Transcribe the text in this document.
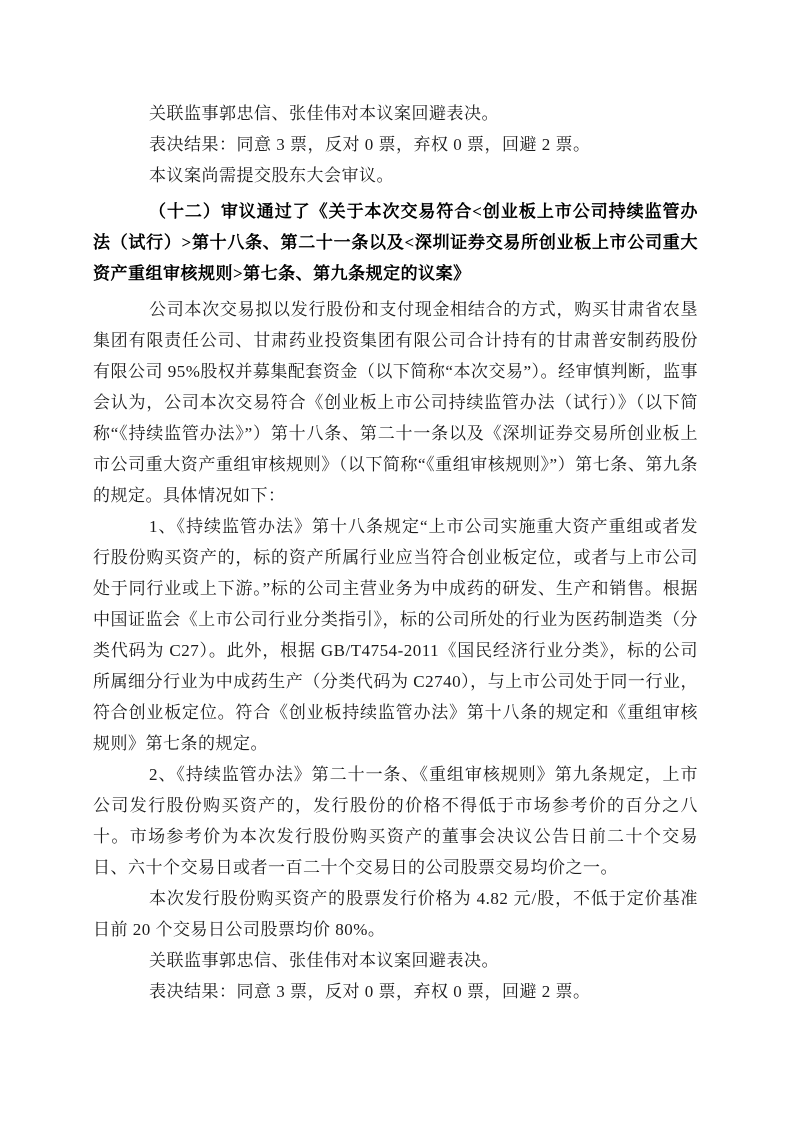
关联监事郭忠信、张佳伟对本议案回避表决。

表决结果：同意 3 票，反对 0 票，弃权 0 票，回避 2 票。

本议案尚需提交股东大会审议。

（十二）审议通过了《关于本次交易符合<创业板上市公司持续监管办法（试行）>第十八条、第二十一条以及<深圳证券交易所创业板上市公司重大资产重组审核规则>第七条、第九条规定的议案》

公司本次交易拟以发行股份和支付现金相结合的方式，购买甘肃省农垦集团有限责任公司、甘肃药业投资集团有限公司合计持有的甘肃普安制药股份有限公司 95%股权并募集配套资金（以下简称“本次交易”）。经审慎判断，监事会认为，公司本次交易符合《创业板上市公司持续监管办法（试行）》（以下简称“《持续监管办法》”）第十八条、第二十一条以及《深圳证券交易所创业板上市公司重大资产重组审核规则》（以下简称“《重组审核规则》”）第七条、第九条的规定。具体情况如下：

1、《持续监管办法》第十八条规定“上市公司实施重大资产重组或者发行股份购买资产的，标的资产所属行业应当符合创业板定位，或者与上市公司处于同行业或上下游。”标的公司主营业务为中成药的研发、生产和销售。根据中国证监会《上市公司行业分类指引》，标的公司所处的行业为医药制造类（分类代码为 C27）。此外，根据 GB/T4754-2011《国民经济行业分类》，标的公司所属细分行业为中成药生产（分类代码为 C2740），与上市公司处于同一行业，符合创业板定位。符合《创业板持续监管办法》第十八条的规定和《重组审核规则》第七条的规定。

2、《持续监管办法》第二十一条、《重组审核规则》第九条规定，上市公司发行股份购买资产的，发行股份的价格不得低于市场参考价的百分之八十。市场参考价为本次发行股份购买资产的董事会决议公告日前二十个交易日、六十个交易日或者一百二十个交易日的公司股票交易均价之一。

本次发行股份购买资产的股票发行价格为 4.82 元/股，不低于定价基准日前 20 个交易日公司股票均价 80%。

关联监事郭忠信、张佳伟对本议案回避表决。

表决结果：同意 3 票，反对 0 票，弃权 0 票，回避 2 票。
